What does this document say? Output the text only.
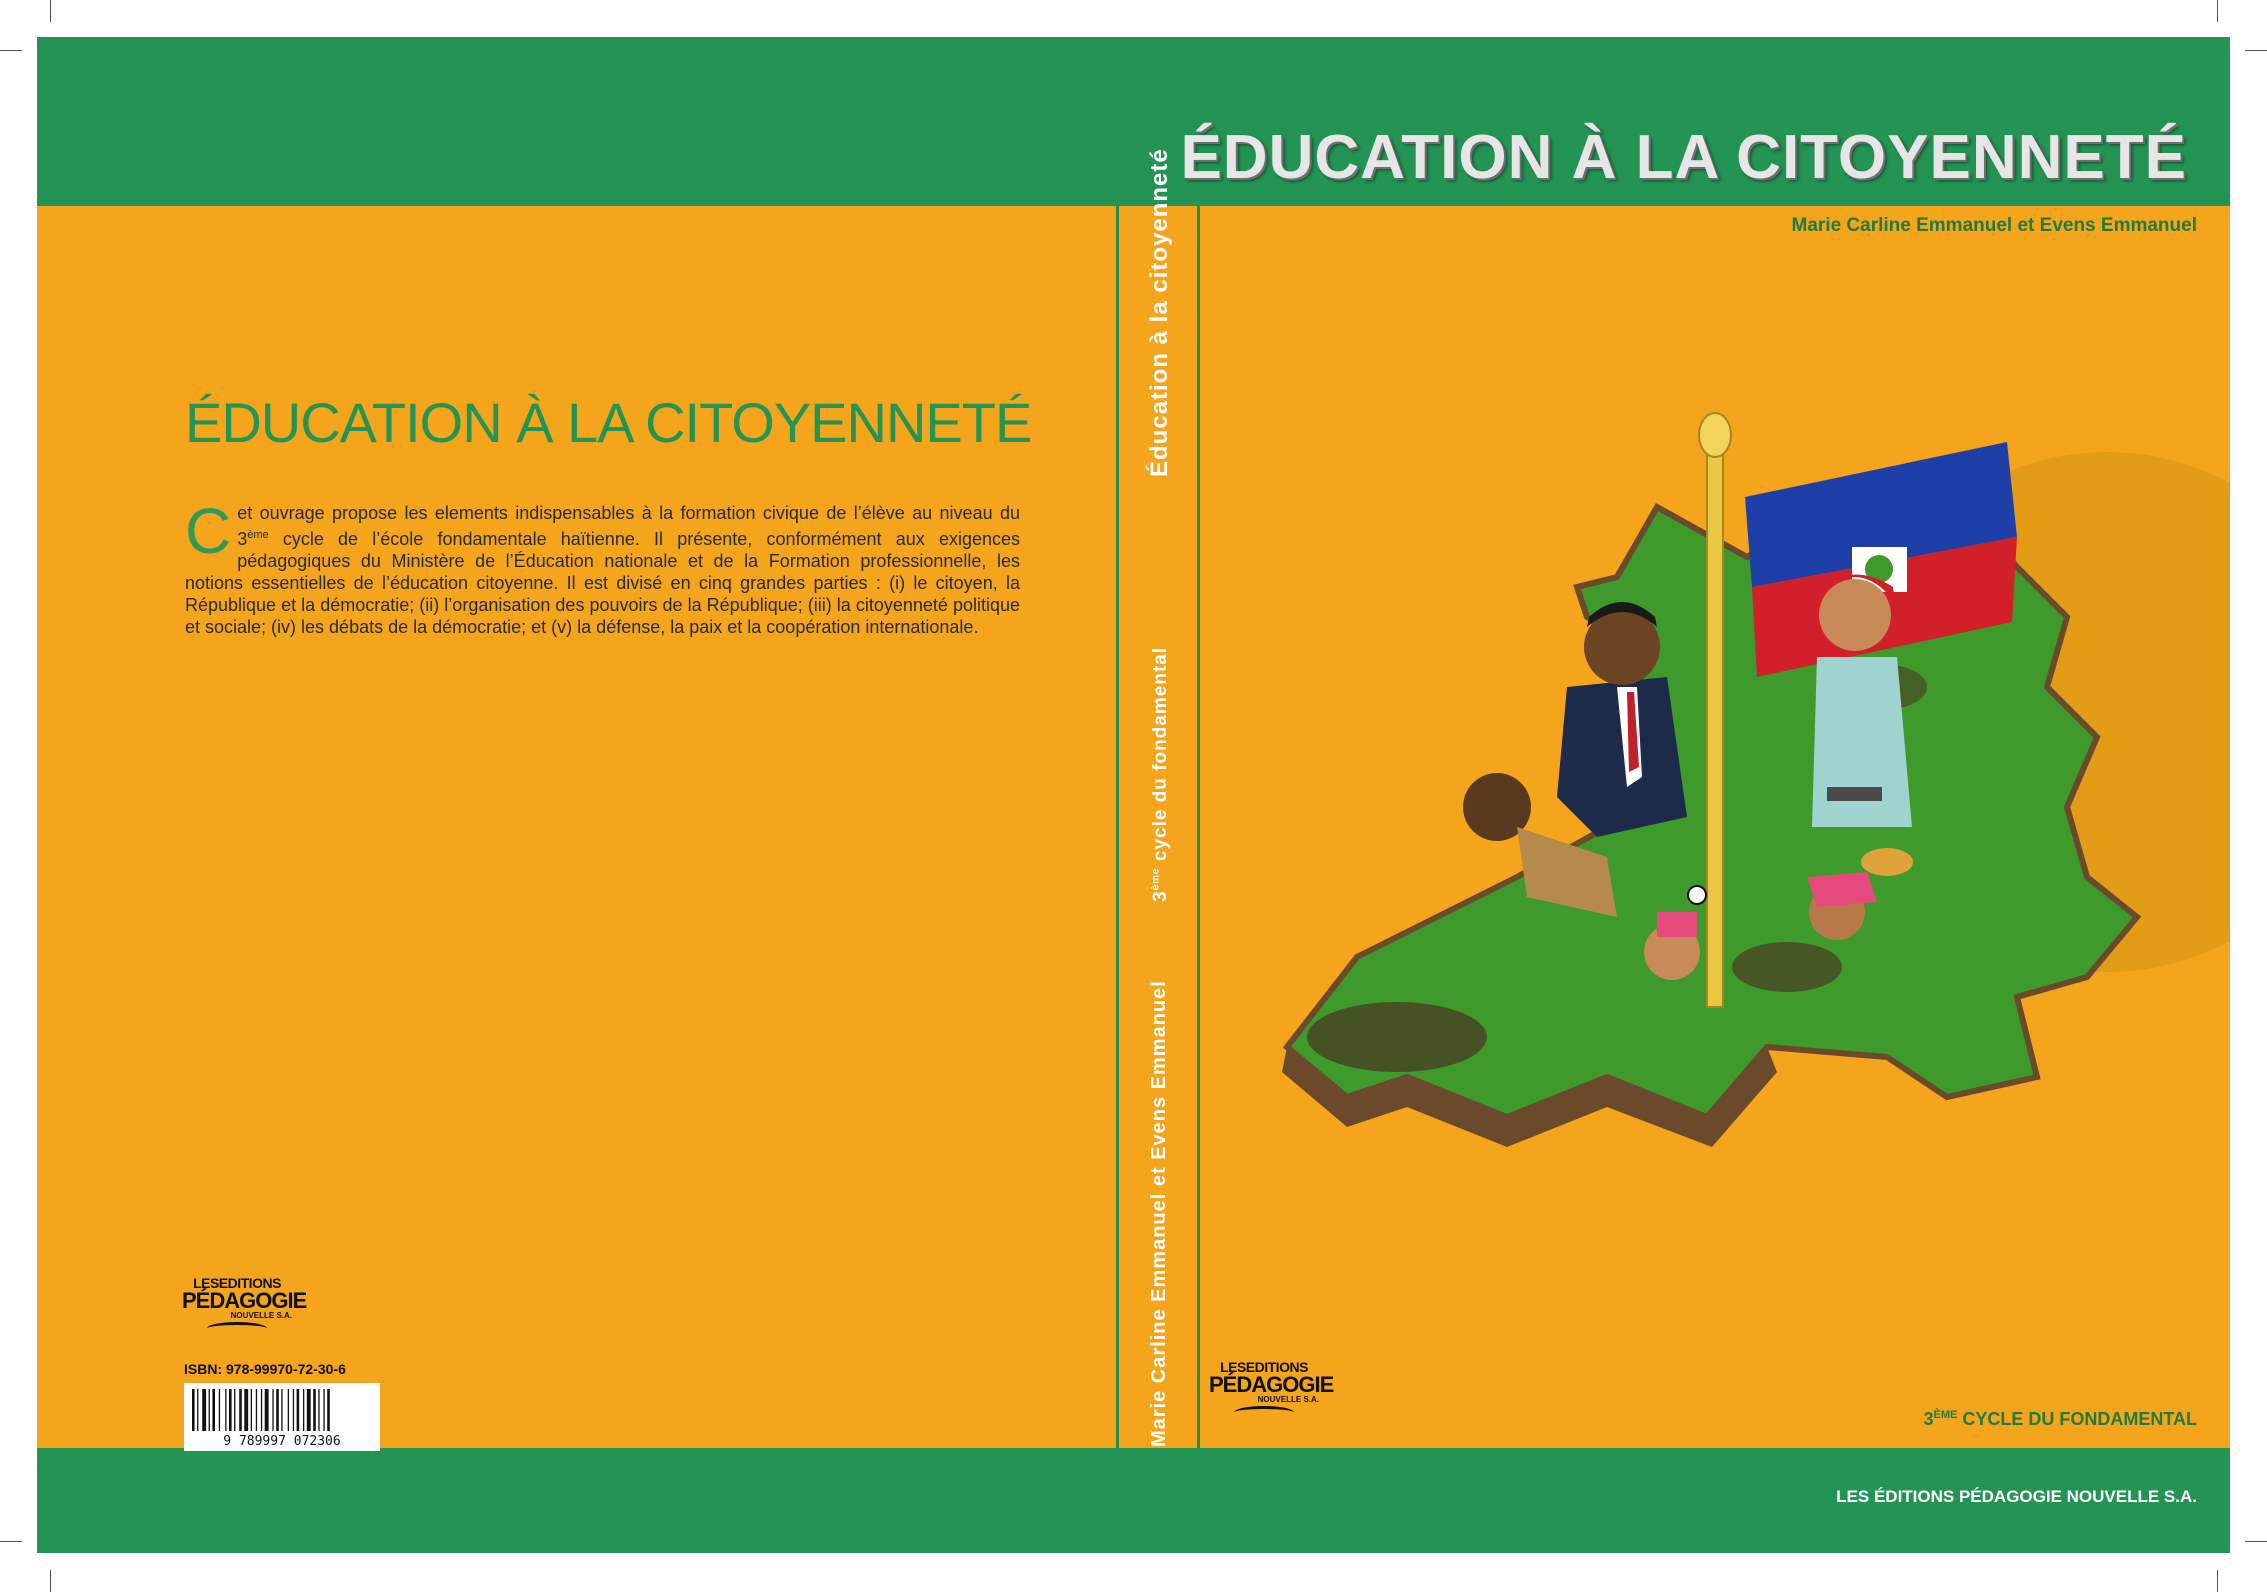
ÉDUCATION À LA CITOYENNETÉ
Cet ouvrage propose les elements indispensables à la formation civique de l’élève au niveau du 3ème cycle de l’école fondamentale haïtienne. Il présente, conformément aux exigences pédagogiques du Ministère de l’Éducation nationale et de la Formation professionnelle, les notions essentielles de l’éducation citoyenne. Il est divisé en cinq grandes parties : (i) le citoyen, la République et la démocratie; (ii) l’organisation des pouvoirs de la République; (iii) la citoyenneté politique et sociale; (iv) les débats de la démocratie; et (v) la défense, la paix et la coopération internationale.
LESEDITIONS
PÉDAGOGIE
NOUVELLE S.A.
ISBN: 978-99970-72-30-6
9 789997 072306
Éducation à la citoyenneté
3ème cycle du fondamental
Marie Carline Emmanuel et Evens Emmanuel
ÉDUCATION À LA CITOYENNETÉ
Marie Carline Emmanuel et Evens Emmanuel
LESEDITIONS
PÉDAGOGIE
NOUVELLE S.A.
3ÈME CYCLE DU FONDAMENTAL
LES ÉDITIONS PÉDAGOGIE NOUVELLE S.A.
